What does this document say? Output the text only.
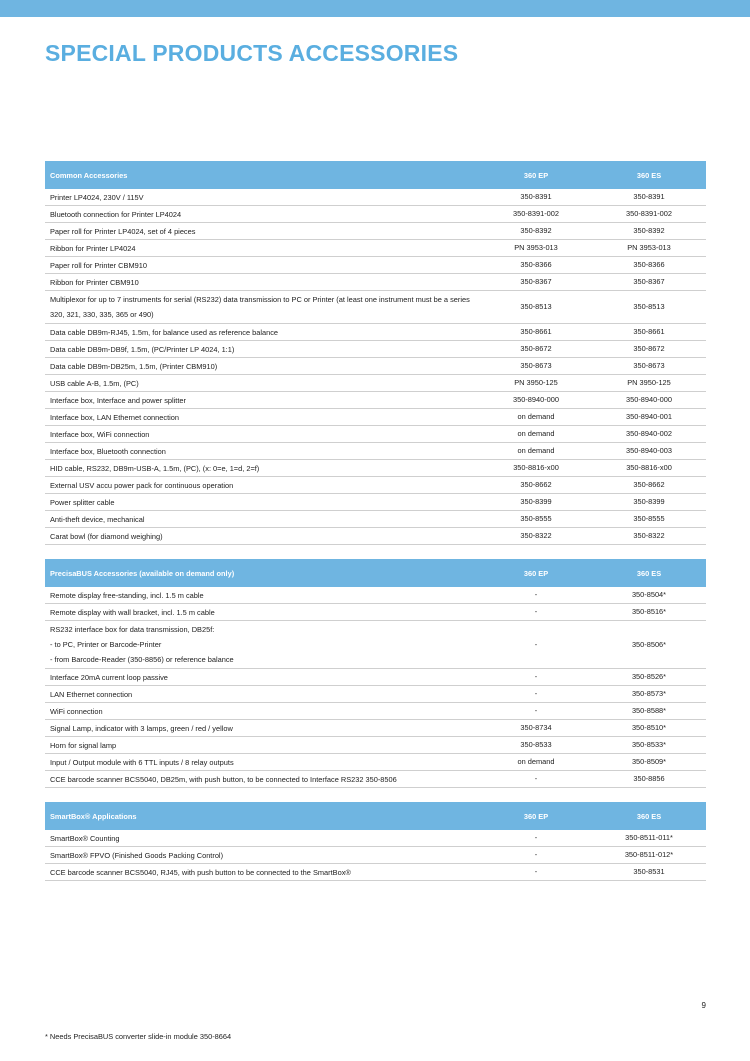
SPECIAL PRODUCTS ACCESSORIES
Common Accessories	360 EP	360 ES

Printer LP4024, 230V / 115V	350-8391	350-8391

Bluetooth connection for Printer LP4024	350-8391-002	350-8391-002

Paper roll for Printer LP4024, set of 4 pieces	350-8392	350-8392

Ribbon for Printer LP4024	PN 3953-013	PN 3953-013

Paper roll for Printer CBM910	350-8366	350-8366

Ribbon for Printer CBM910	350-8367	350-8367

Multiplexor for up to 7 instruments for serial (RS232) data transmission to PC or Printer (at least one instrument must be a series
320, 321, 330, 335, 365 or 490)	350-8513	350-8513

Data cable DB9m-RJ45, 1.5m, for balance used as reference balance	350-8661	350-8661

Data cable DB9m-DB9f, 1.5m, (PC/Printer LP 4024, 1:1)	350-8672	350-8672

Data cable DB9m-DB25m, 1.5m, (Printer CBM910)	350-8673	350-8673

USB cable A-B, 1.5m, (PC)	PN 3950-125	PN 3950-125

Interface box, Interface and power splitter	350-8940-000	350-8940-000

Interface box, LAN Ethernet connection	on demand	350-8940-001

Interface box, WiFi connection	on demand	350-8940-002

Interface box, Bluetooth connection	on demand	350-8940-003

HID cable, RS232, DB9m-USB-A, 1.5m, (PC), (x: 0=e, 1=d, 2=f)	350-8816-x00	350-8816-x00

External USV accu power pack for continuous operation	350-8662	350-8662

Power splitter cable	350-8399	350-8399

Anti-theft device, mechanical	350-8555	350-8555

Carat bowl (for diamond weighing)	350-8322	350-8322
PrecisaBUS Accessories (available on demand only)	360 EP	360 ES

Remote display free-standing, incl. 1.5 m cable	-	350-8504*

Remote display with wall bracket, incl. 1.5 m cable	-	350-8516*

RS232 interface box for data transmission, DB25f:
- to PC, Printer or Barcode-Printer
- from Barcode-Reader (350-8856) or reference balance	-	350-8506*

Interface 20mA current loop passive	-	350-8526*

LAN Ethernet connection	-	350-8573*

WiFi connection	-	350-8588*

Signal Lamp, indicator with 3 lamps, green / red / yellow	350-8734	350-8510*

Horn for signal lamp	350-8533	350-8533*

Input / Output module with 6 TTL inputs / 8 relay outputs	on demand	350-8509*

CCE barcode scanner BCS5040, DB25m, with push button, to be connected to Interface RS232 350-8506	-	350-8856
SmartBox® Applications	360 EP	360 ES

SmartBox® Counting	-	350-8511-011*

SmartBox® FPVO (Finished Goods Packing Control)	-	350-8511-012*

CCE barcode scanner BCS5040, RJ45, with push button to be connected to the SmartBox®	-	350-8531
9
* Needs PrecisaBUS converter slide-in module 350-8664
